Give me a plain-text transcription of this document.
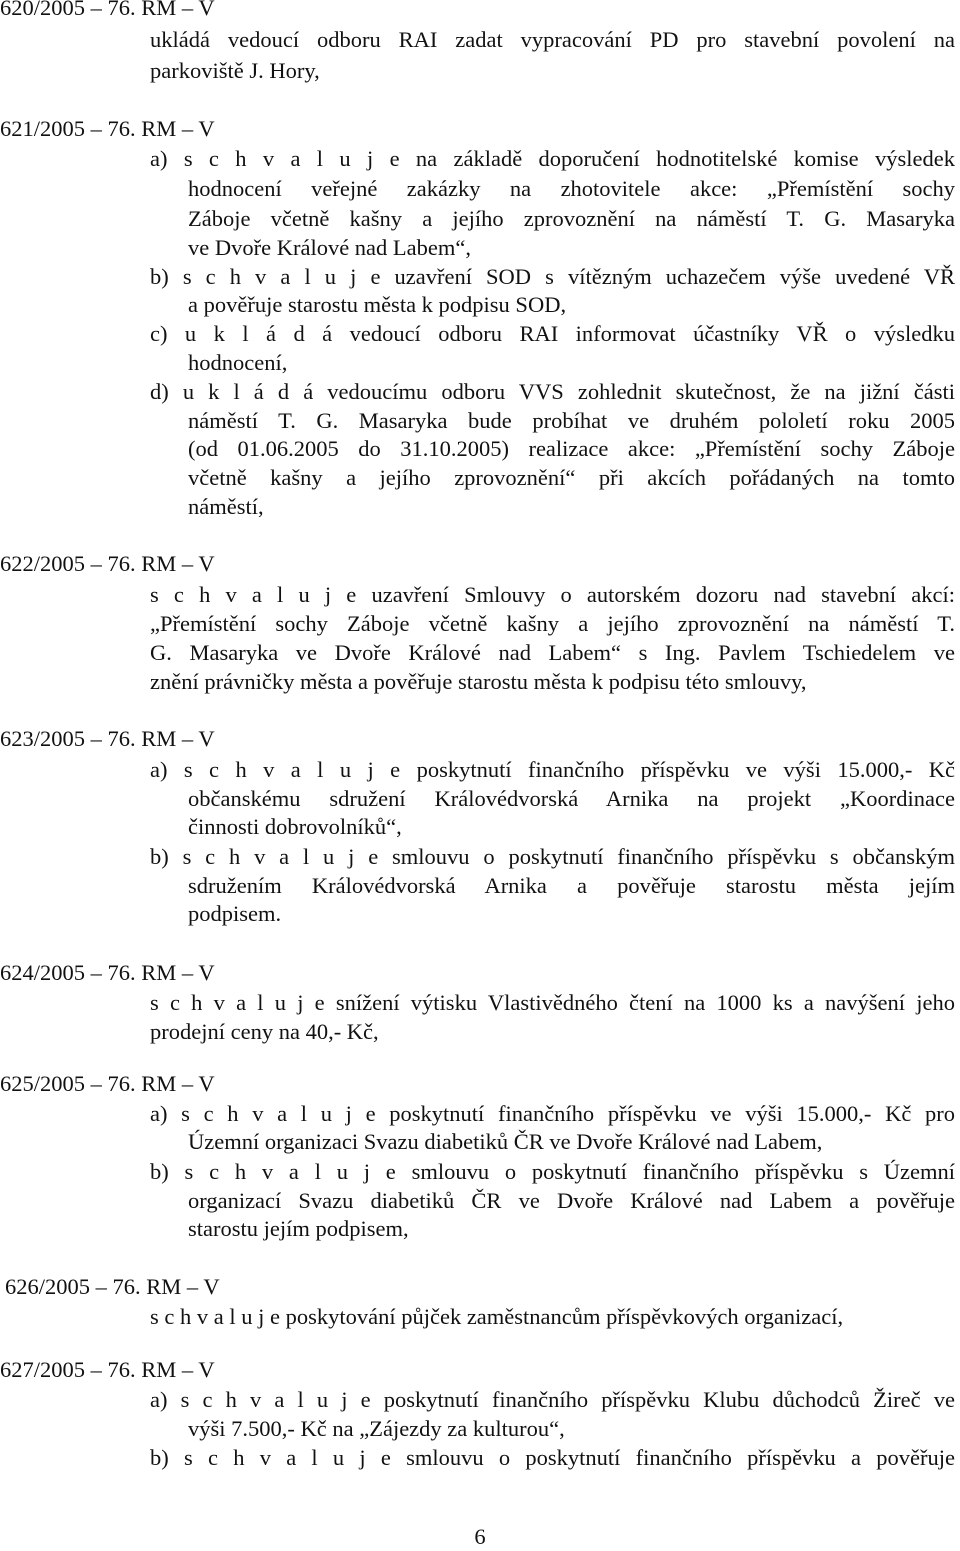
620/2005 – 76. RM – V
ukládá vedoucí odboru RAI zadat vypracování PD pro stavební povolení na
parkoviště J. Hory,
621/2005 – 76. RM – V
a) s c h v a l u j e na základě doporučení hodnotitelské komise výsledek
hodnocení veřejné zakázky na zhotovitele akce: „Přemístění sochy
Záboje včetně kašny a jejího zprovoznění na náměstí T. G. Masaryka
ve Dvoře Králové nad Labem“,
b) s c h v a l u j e uzavření SOD s vítězným uchazečem výše uvedené VŘ
a pověřuje starostu města k podpisu SOD,
c) u k l á d á vedoucí odboru RAI informovat účastníky VŘ o výsledku
hodnocení,
d) u k l á d á vedoucímu odboru VVS zohlednit skutečnost, že na jižní části
náměstí T. G. Masaryka bude probíhat ve druhém pololetí roku 2005
(od 01.06.2005 do 31.10.2005) realizace akce: „Přemístění sochy Záboje
včetně kašny a jejího zprovoznění“ při akcích pořádaných na tomto
náměstí,
622/2005 – 76. RM – V
s c h v a l u j e uzavření Smlouvy o autorském dozoru nad stavební akcí:
„Přemístění sochy Záboje včetně kašny a jejího zprovoznění na náměstí T.
G. Masaryka ve Dvoře Králové nad Labem“ s Ing. Pavlem Tschiedelem ve
znění právničky města a pověřuje starostu města k podpisu této smlouvy,
623/2005 – 76. RM – V
a) s c h v a l u j e poskytnutí finančního příspěvku ve výši 15.000,- Kč
občanskému sdružení Královédvorská Arnika na projekt „Koordinace
činnosti dobrovolníků“,
b) s c h v a l u j e smlouvu o poskytnutí finančního příspěvku s občanským
sdružením Královédvorská Arnika a pověřuje starostu města jejím
podpisem.
624/2005 – 76. RM – V
s c h v a l u j e snížení výtisku Vlastivědného čtení na 1000 ks a navýšení jeho
prodejní ceny na 40,- Kč,
625/2005 – 76. RM – V
a) s c h v a l u j e poskytnutí finančního příspěvku ve výši 15.000,- Kč pro
Územní organizaci Svazu diabetiků ČR ve Dvoře Králové nad Labem,
b) s c h v a l u j e smlouvu o poskytnutí finančního příspěvku s Územní
organizací Svazu diabetiků ČR ve Dvoře Králové nad Labem a pověřuje
starostu jejím podpisem,
626/2005 – 76. RM – V
s c h v a l u j e poskytování půjček zaměstnancům příspěvkových organizací,
627/2005 – 76. RM – V
a) s c h v a l u j e poskytnutí finančního příspěvku Klubu důchodců Žireč ve
výši 7.500,- Kč na „Zájezdy za kulturou“,
b) s c h v a l u j e smlouvu o poskytnutí finančního příspěvku a pověřuje
6
